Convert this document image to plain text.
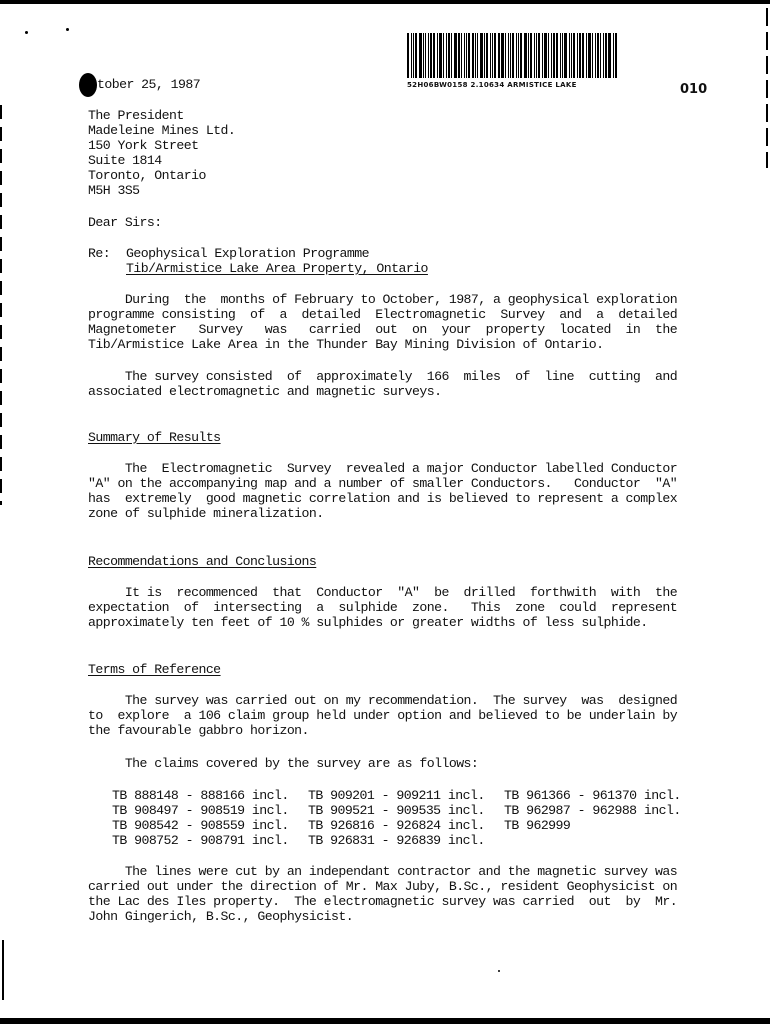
52H06BW0158 2.10634 ARMISTICE LAKE	010
tober 25, 1987
The President
Madeleine Mines Ltd.
150 York Street
Suite 1814
Toronto, Ontario
M5H 3S5
Dear Sirs:
Re: Geophysical Exploration Programme
Tib/Armistice Lake Area Property, Ontario
During  the  months of February to October, 1987, a geophysical exploration
programme consisting  of  a  detailed  Electromagnetic  Survey  and  a  detailed
Magnetometer   Survey   was   carried  out  on  your  property  located  in  the
Tib/Armistice Lake Area in the Thunder Bay Mining Division of Ontario.
The survey consisted  of  approximately  166  miles  of  line  cutting  and
associated electromagnetic and magnetic surveys.
Summary of Results
The  Electromagnetic  Survey  revealed a major Conductor labelled Conductor
"A" on the accompanying map and a number of smaller Conductors.   Conductor  "A"
has  extremely  good magnetic correlation and is believed to represent a complex
zone of sulphide mineralization.
Recommendations and Conclusions
It is  recommenced  that  Conductor  "A"  be  drilled  forthwith  with  the
expectation  of  intersecting  a  sulphide  zone.   This  zone  could  represent
approximately ten feet of 10 % sulphides or greater widths of less sulphide.
Terms of Reference
The survey was carried out on my recommendation.  The survey  was  designed
to  explore  a 106 claim group held under option and believed to be underlain by
the favourable gabbro horizon.
The claims covered by the survey are as follows:
TB 888148 - 888166 incl.	TB 909201 - 909211 incl.	TB 961366 - 961370 incl.
TB 908497 - 908519 incl.	TB 909521 - 909535 incl.	TB 962987 - 962988 incl.
TB 908542 - 908559 incl.	TB 926816 - 926824 incl.	TB 962999
TB 908752 - 908791 incl.	TB 926831 - 926839 incl.
The lines were cut by an independant contractor and the magnetic survey was
carried out under the direction of Mr. Max Juby, B.Sc., resident Geophysicist on
the Lac des Iles property.  The electromagnetic survey was carried  out  by  Mr.
John Gingerich, B.Sc., Geophysicist.
